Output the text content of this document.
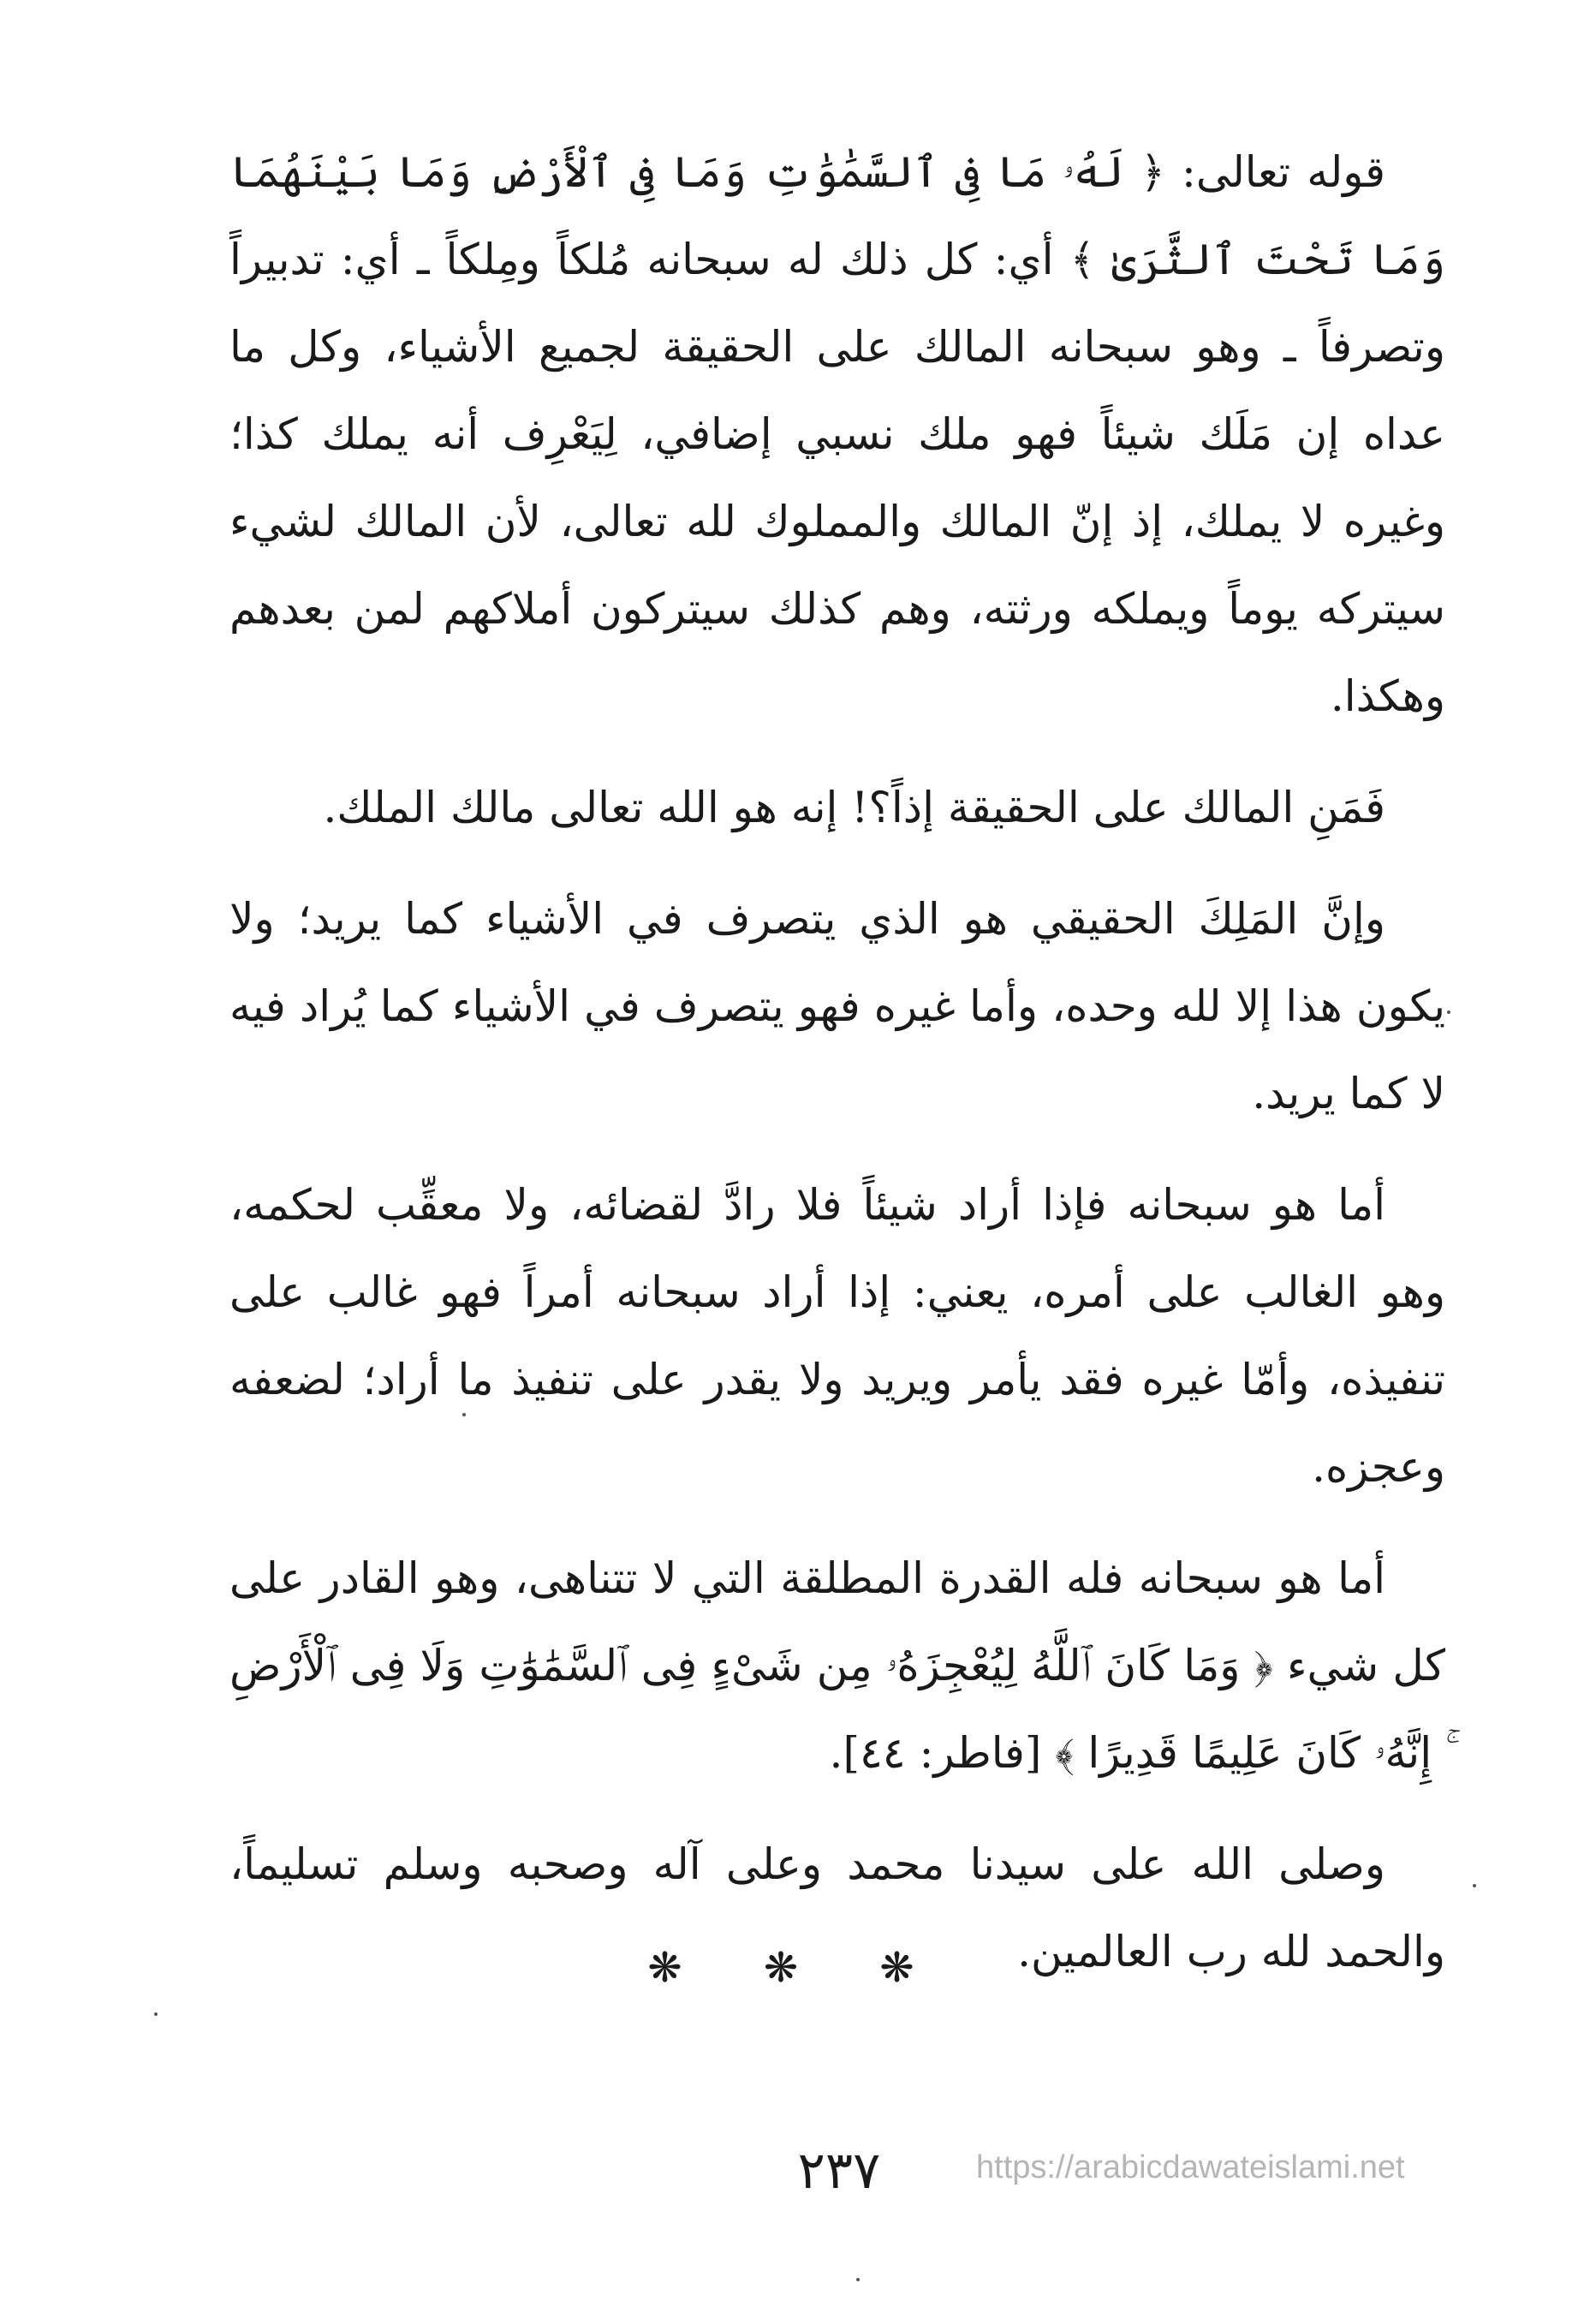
قوله تعالى: ﴿ لَهُۥ مَا فِى ٱلسَّمَٰوَٰتِ وَمَا فِى ٱلْأَرْضِ وَمَا بَيْنَهُمَا وَمَا تَحْتَ ٱلثَّرَىٰ ﴾ أي: كل ذلك له سبحانه مُلكاً ومِلكاً ـ أي: تدبيراً وتصرفاً ـ وهو سبحانه المالك على الحقيقة لجميع الأشياء، وكل ما عداه إن مَلَك شيئاً فهو ملك نسبي إضافي، لِيَعْرِف أنه يملك كذا؛ وغيره لا يملك، إذ إنّ المالك والمملوك لله تعالى، لأن المالك لشيء سيتركه يوماً ويملكه ورثته، وهم كذلك سيتركون أملاكهم لمن بعدهم وهكذا.

فَمَنِ المالك على الحقيقة إذاً؟! إنه هو الله تعالى مالك الملك.

وإنَّ المَلِكَ الحقيقي هو الذي يتصرف في الأشياء كما يريد؛ ولا يكون هذا إلا لله وحده، وأما غيره فهو يتصرف في الأشياء كما يُراد فيه لا كما يريد.

أما هو سبحانه فإذا أراد شيئاً فلا رادَّ لقضائه، ولا معقِّب لحكمه، وهو الغالب على أمره، يعني: إذا أراد سبحانه أمراً فهو غالب على تنفيذه، وأمّا غيره فقد يأمر ويريد ولا يقدر على تنفيذ ما أراد؛ لضعفه وعجزه.

أما هو سبحانه فله القدرة المطلقة التي لا تتناهى، وهو القادر على كل شيء ﴿ وَمَا كَانَ ٱللَّهُ لِيُعْجِزَهُۥ مِن شَىْءٍ فِى ٱلسَّمَٰوَٰتِ وَلَا فِى ٱلْأَرْضِ ۚ إِنَّهُۥ كَانَ عَلِيمًا قَدِيرًا ﴾ [فاطر: ٤٤].

وصلى الله على سيدنا محمد وعلى آله وصحبه وسلم تسليماً، والحمد لله رب العالمين.

❋ ❋ ❋
٢٣٧	https://arabicdawateislami.net
